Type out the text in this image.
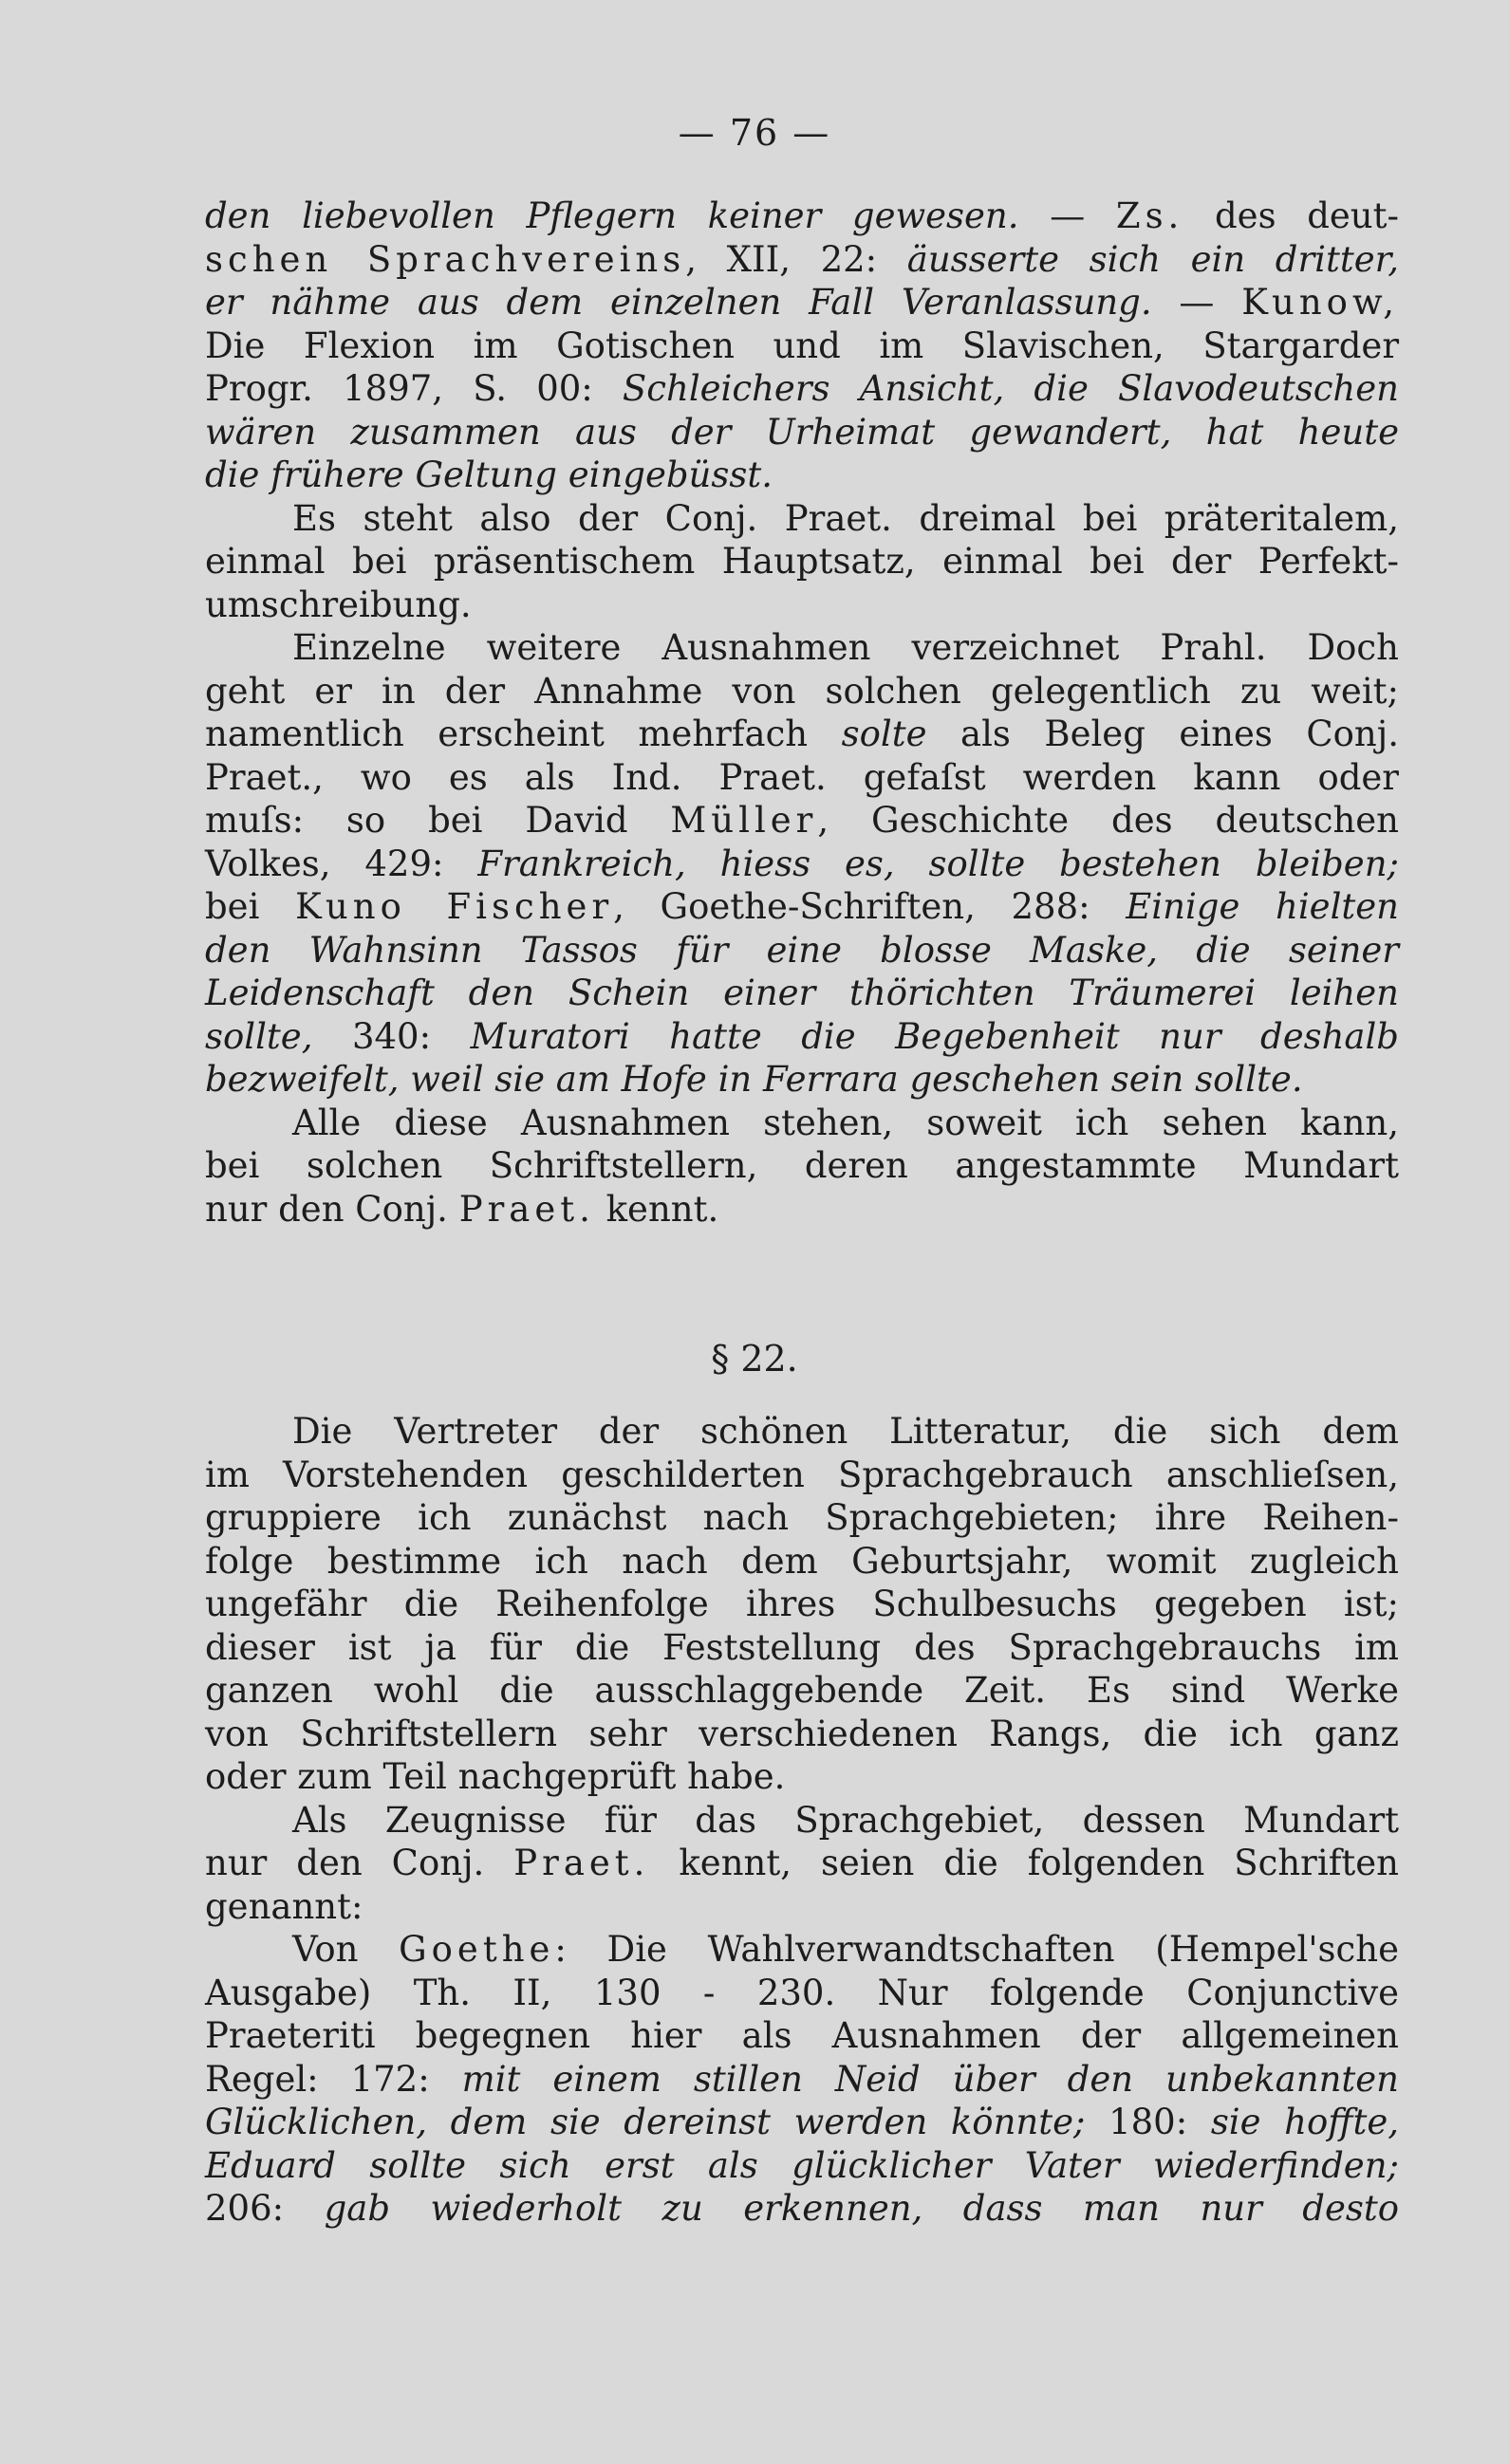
— 76 —
den liebevollen Pflegern keiner gewesen. — Zs. des deut-
schen Sprachvereins, XII, 22: äusserte sich ein dritter,
er nähme aus dem einzelnen Fall Veranlassung. — Kunow,
Die Flexion im Gotischen und im Slavischen, Stargarder
Progr. 1897, S. 00: Schleichers Ansicht, die Slavodeutschen
wären zusammen aus der Urheimat gewandert, hat heute
die frühere Geltung eingebüsst.
Es steht also der Conj. Praet. dreimal bei präteritalem,
einmal bei präsentischem Hauptsatz, einmal bei der Perfekt-
umschreibung.
Einzelne weitere Ausnahmen verzeichnet Prahl. Doch
geht er in der Annahme von solchen gelegentlich zu weit;
namentlich erscheint mehrfach solte als Beleg eines Conj.
Praet., wo es als Ind. Praet. gefaſst werden kann oder
muſs: so bei David Müller, Geschichte des deutschen
Volkes, 429: Frankreich, hiess es, sollte bestehen bleiben;
bei Kuno Fischer, Goethe-Schriften, 288: Einige hielten
den Wahnsinn Tassos für eine blosse Maske, die seiner
Leidenschaft den Schein einer thörichten Träumerei leihen
sollte, 340: Muratori hatte die Begebenheit nur deshalb
bezweifelt, weil sie am Hofe in Ferrara geschehen sein sollte.
Alle diese Ausnahmen stehen, soweit ich sehen kann,
bei solchen Schriftstellern, deren angestammte Mundart
nur den Conj. Praet. kennt.
§ 22.
Die Vertreter der schönen Litteratur, die sich dem
im Vorstehenden geschilderten Sprachgebrauch anschlieſsen,
gruppiere ich zunächst nach Sprachgebieten; ihre Reihen-
folge bestimme ich nach dem Geburtsjahr, womit zugleich
ungefähr die Reihenfolge ihres Schulbesuchs gegeben ist;
dieser ist ja für die Feststellung des Sprachgebrauchs im
ganzen wohl die ausschlaggebende Zeit. Es sind Werke
von Schriftstellern sehr verschiedenen Rangs, die ich ganz
oder zum Teil nachgeprüft habe.
Als Zeugnisse für das Sprachgebiet, dessen Mundart
nur den Conj. Praet. kennt, seien die folgenden Schriften
genannt:
Von Goethe: Die Wahlverwandtschaften (Hempel'sche
Ausgabe) Th. II, 130 - 230. Nur folgende Conjunctive
Praeteriti begegnen hier als Ausnahmen der allgemeinen
Regel: 172: mit einem stillen Neid über den unbekannten
Glücklichen, dem sie dereinst werden könnte; 180: sie hoffte,
Eduard sollte sich erst als glücklicher Vater wiederfinden;
206: gab wiederholt zu erkennen, dass man nur desto
